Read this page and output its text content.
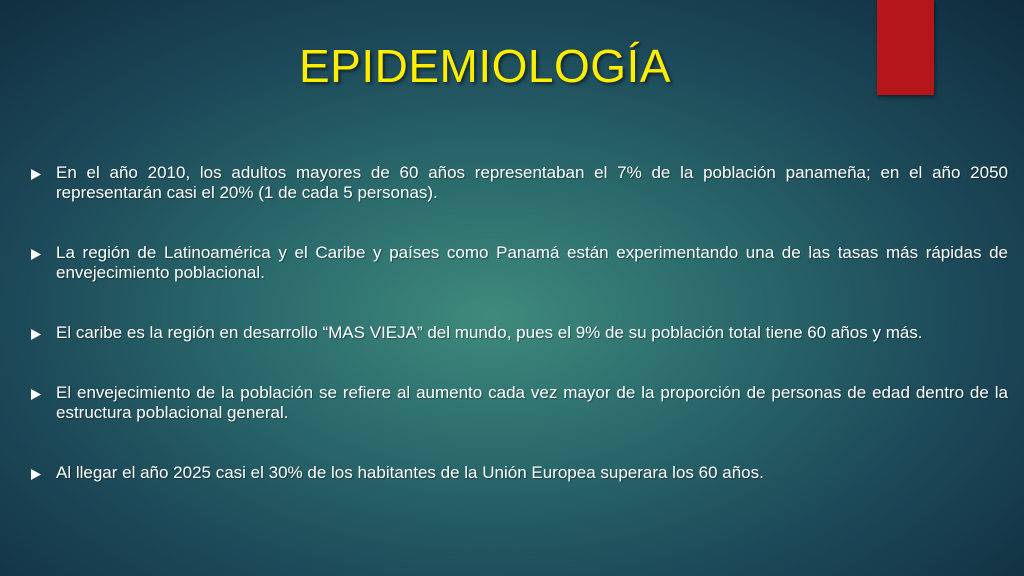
EPIDEMIOLOGÍA
En el año 2010, los adultos mayores de 60 años representaban el 7% de la población panameña; en el año 2050 representarán casi el 20% (1 de cada 5 personas).
La región de Latinoamérica y el Caribe y países como Panamá están experimentando una de las tasas más rápidas de envejecimiento poblacional.
El caribe es la región en desarrollo “MAS VIEJA” del mundo, pues el 9% de su población total tiene 60 años y más.
El envejecimiento de la población se refiere al aumento cada vez mayor de la proporción de personas de edad dentro de la estructura poblacional general.
Al llegar el año 2025 casi el 30% de los habitantes de la Unión Europea superara los 60 años.
